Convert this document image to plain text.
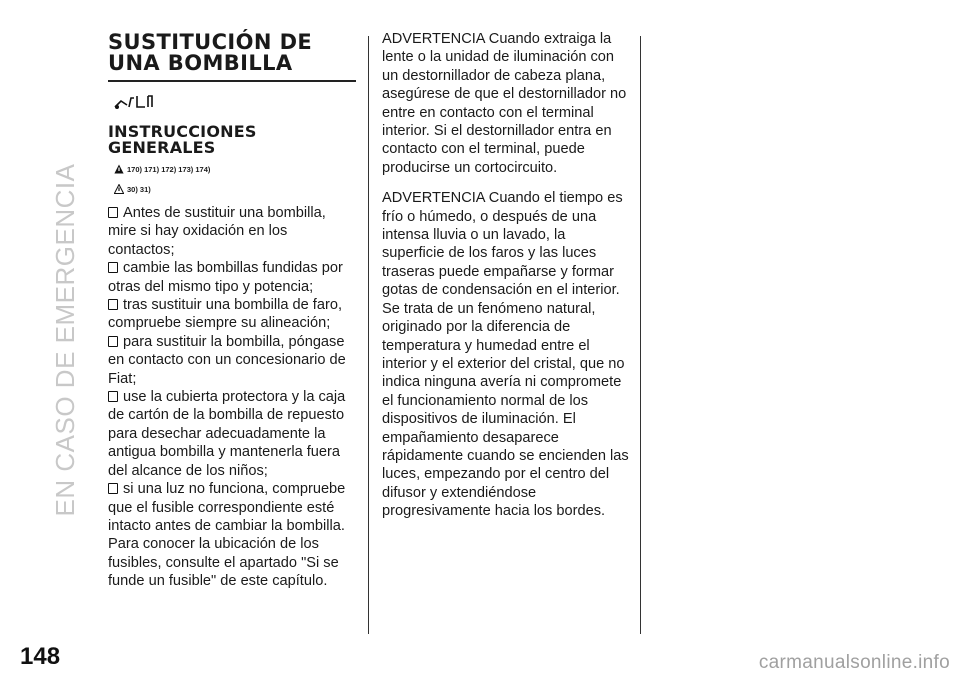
EN CASO DE EMERGENCIA
148	carmanualsonline.info
SUSTITUCIÓN DE
UNA BOMBILLA
INSTRUCCIONES
GENERALES
170) 171) 172) 173) 174)
30) 31)
Antes de sustituir una bombilla, mire si hay oxidación en los contactos;
cambie las bombillas fundidas por otras del mismo tipo y potencia;
tras sustituir una bombilla de faro, compruebe siempre su alineación;
para sustituir la bombilla, póngase en contacto con un concesionario de Fiat;
use la cubierta protectora y la caja de cartón de la bombilla de repuesto para desechar adecuadamente la antigua bombilla y mantenerla fuera del alcance de los niños;
si una luz no funciona, compruebe que el fusible correspondiente esté intacto antes de cambiar la bombilla. Para conocer la ubicación de los fusibles, consulte el apartado "Si se funde un fusible" de este capítulo.

ADVERTENCIA Cuando extraiga la lente o la unidad de iluminación con un destornillador de cabeza plana, asegúrese de que el destornillador no entre en contacto con el terminal interior. Si el destornillador entra en contacto con el terminal, puede producirse un cortocircuito.

ADVERTENCIA Cuando el tiempo es frío o húmedo, o después de una intensa lluvia o un lavado, la superficie de los faros y las luces traseras puede empañarse y formar gotas de condensación en el interior. Se trata de un fenómeno natural, originado por la diferencia de temperatura y humedad entre el interior y el exterior del cristal, que no indica ninguna avería ni compromete el funcionamiento normal de los dispositivos de iluminación. El empañamiento desaparece rápidamente cuando se encienden las luces, empezando por el centro del difusor y extendiéndose progresivamente hacia los bordes.
